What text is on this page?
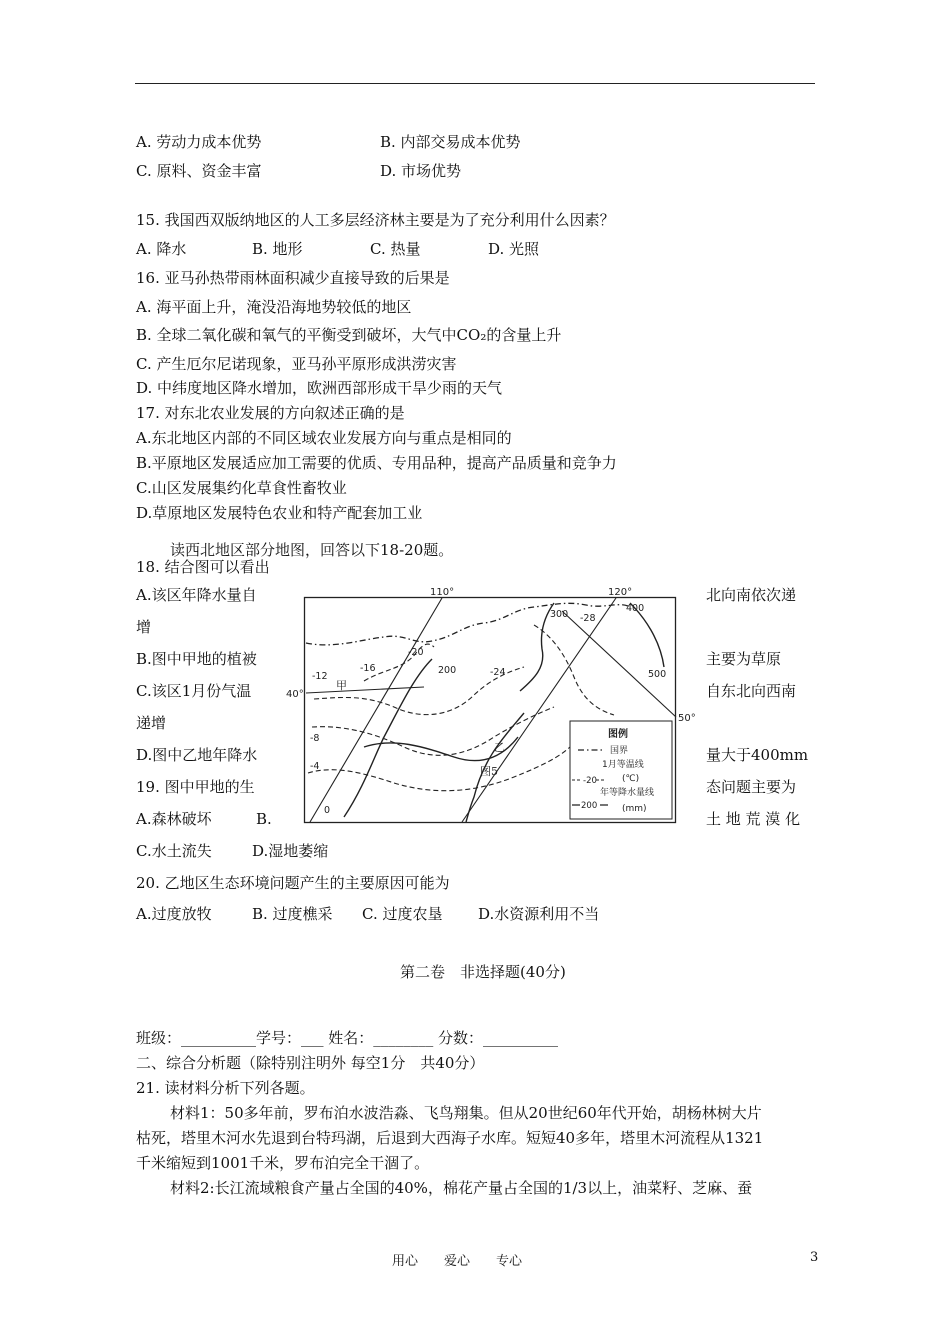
A. 劳动力成本优势	B. 内部交易成本优势
C. 原料、资金丰富	D. 市场优势
15. 我国西双版纳地区的人工多层经济林主要是为了充分利用什么因素？
A. 降水	B. 地形	C. 热量	D. 光照
16. 亚马孙热带雨林面积减少直接导致的后果是
A. 海平面上升，淹没沿海地势较低的地区
B. 全球二氧化碳和氧气的平衡受到破坏，大气中CO₂的含量上升
C. 产生厄尔尼诺现象，亚马孙平原形成洪涝灾害
D. 中纬度地区降水增加，欧洲西部形成干旱少雨的天气
17. 对东北农业发展的方向叙述正确的是
A.东北地区内部的不同区域农业发展方向与重点是相同的
B.平原地区发展适应加工需要的优质、专用品种，提高产品质量和竞争力
C.山区发展集约化草食性畜牧业
D.草原地区发展特色农业和特产配套加工业
读西北地区部分地图，回答以下18-20题。
18. 结合图可以看出
A.该区年降水量自	北向南依次递
增
B.图中甲地的植被	主要为草原
C.该区1月份气温	自东北向西南
递增
D.图中乙地年降水	量大于400mm
19. 图中甲地的生	态问题主要为
A.森林破坏	B.	土 地 荒 漠 化
C.水土流失	D.湿地萎缩
20. 乙地区生态环境问题产生的主要原因可能为
A.过度放牧	B. 过度樵采 C. 过度农垦 D.水资源利用不当
第二卷　非选择题(40分)
班级：__________学号：___ 姓名：________ 分数：__________
二、综合分析题（除特别注明外 每空1分　共40分）
21. 读材料分析下列各题。
材料1：50多年前，罗布泊水波浩淼、飞鸟翔集。但从20世纪60年代开始，胡杨林树大片
枯死，塔里木河水先退到台特玛湖，后退到大西海子水库。短短40多年，塔里木河流程从1321
千米缩短到1001千米，罗布泊完全干涸了。
材料2:长江流域粮食产量占全国的40%，棉花产量占全国的1/3以上，油菜籽、芝麻、蚕
用心　　爱心　　专心	3
110°	120°
40°
50°
-28
-20
-24
-16
-12
-8
-4
0
400
300
200	500
甲
乙
图5
图例
国界
1月等温线
-20	(℃)
年等降水量线
200	(mm)
